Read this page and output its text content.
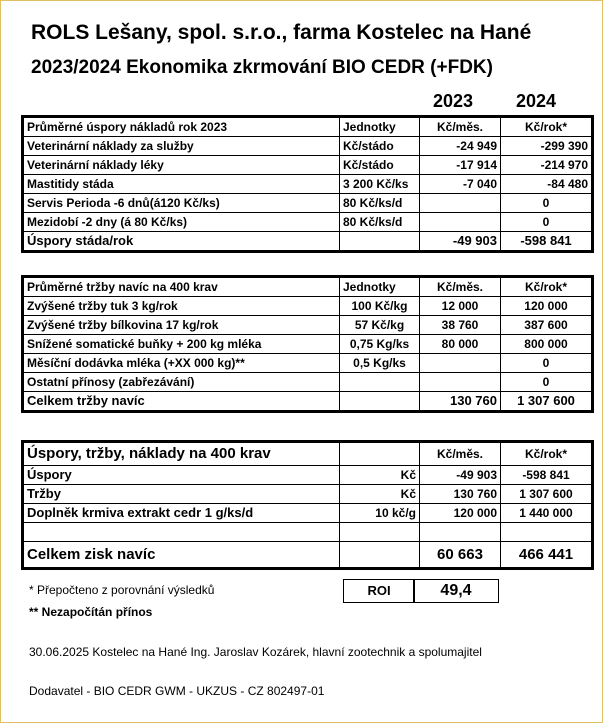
ROLS Lešany, spol. s.r.o., farma Kostelec na Hané
2023/2024 Ekonomika zkrmování BIO CEDR (+FDK)
2023 2024
Průměrné úspory nákladů rok 2023	Jednotky	Kč/měs.	Kč/rok*
Veterinární náklady za služby	Kč/stádo	-24 949	-299 390
Veterinární náklady léky	Kč/stádo	-17 914	-214 970
Mastitidy stáda	3 200 Kč/ks	-7 040	-84 480
Servis Perioda -6 dnů(á120 Kč/ks)	80 Kč/ks/d		0
Mezidobí -2 dny (á 80 Kč/ks)	80 Kč/ks/d		0
Úspory stáda/rok		-49 903	-598 841
Průměrné tržby navíc na 400 krav	Jednotky	Kč/měs.	Kč/rok*
Zvýšené tržby tuk 3 kg/rok	100 Kč/kg	12 000	120 000
Zvýšené tržby bílkovina 17 kg/rok	57 Kč/kg	38 760	387 600
Snížené somatické buňky + 200 kg mléka	0,75 Kg/ks	80 000	800 000
Měsíční dodávka mléka (+XX 000 kg)**	0,5 Kg/ks		0
Ostatní přínosy (zabřezávání)			0
Celkem tržby navíc		130 760	1 307 600
Úspory, tržby, náklady na 400 krav		Kč/měs.	Kč/rok*
Úspory	Kč	-49 903	-598 841
Tržby	Kč	130 760	1 307 600
Doplněk krmiva extrakt cedr 1 g/ks/d	10 kč/g	120 000	1 440 000

Celkem zisk navíc		60 663	466 441
* Přepočteno z porovnání výsledků	ROI	49,4
** Nezapočítán přínos
30.06.2025 Kostelec na Hané Ing. Jaroslav Kozárek, hlavní zootechnik a spolumajitel
Dodavatel - BIO CEDR GWM - UKZUS - CZ 802497-01
